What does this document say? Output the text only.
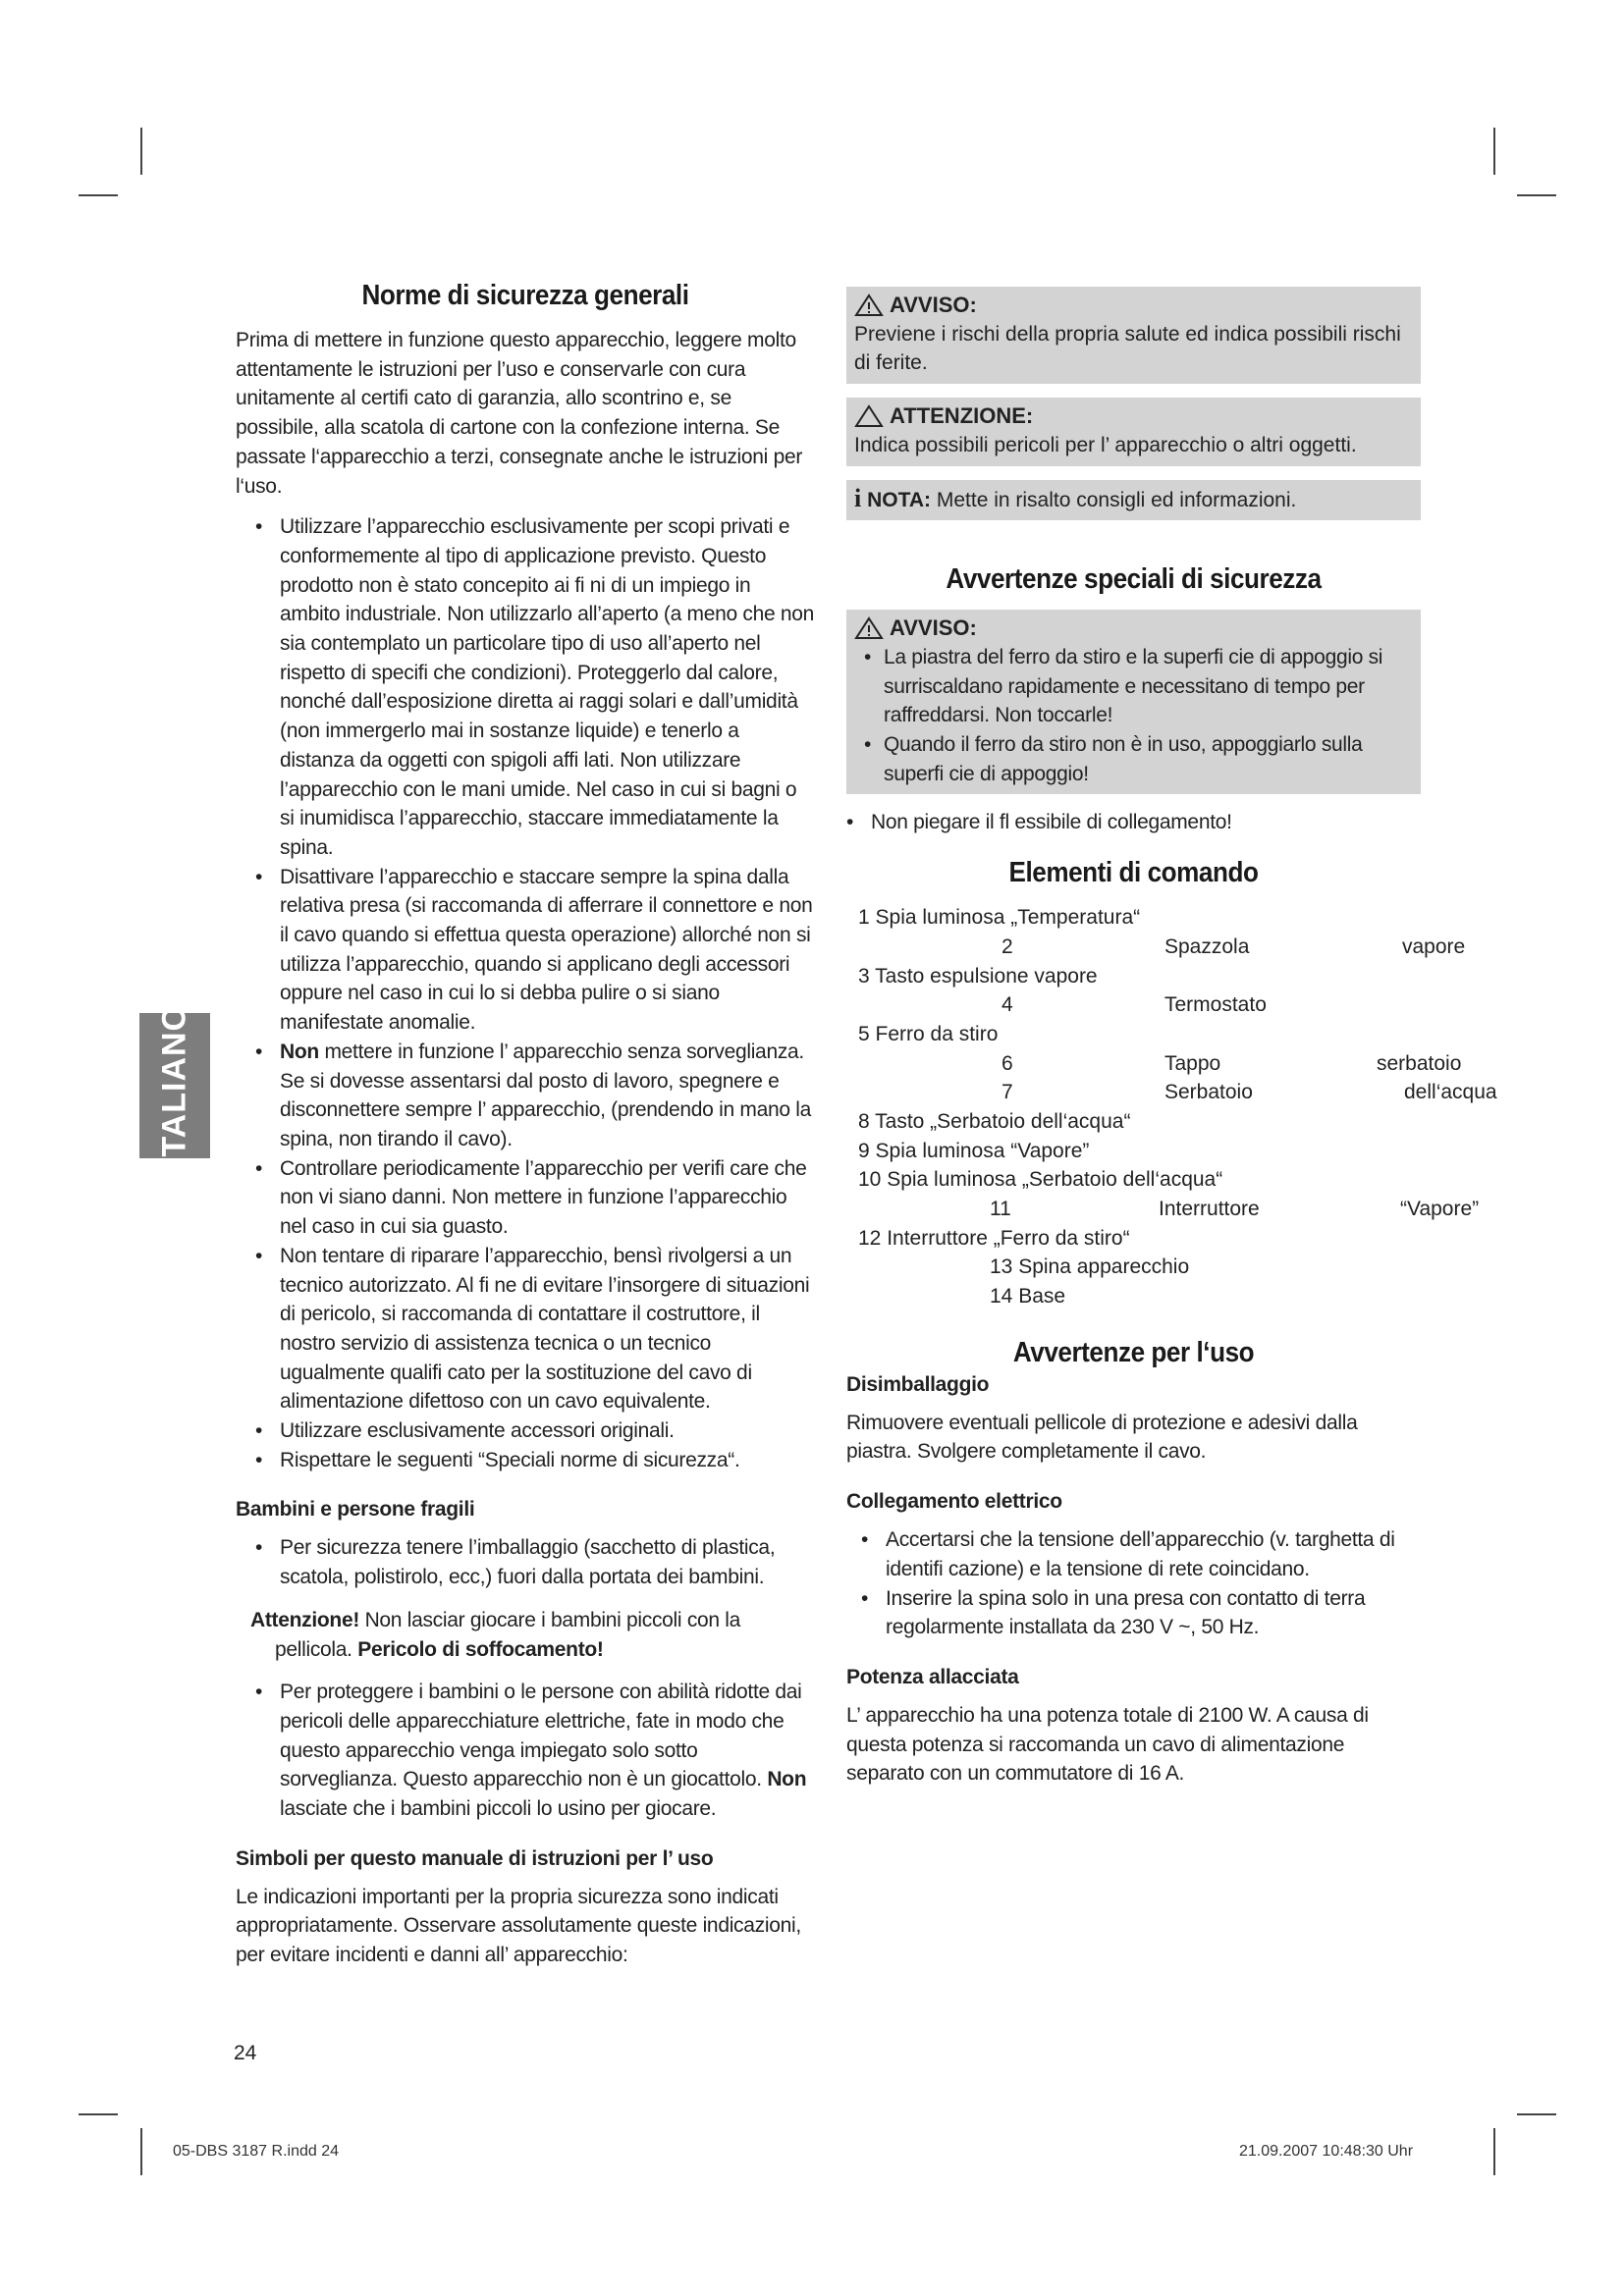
ITALIANO
Norme di sicurezza generali

Prima di mettere in funzione questo apparecchio, leggere molto attentamente le istruzioni per l’uso e conservarle con cura unitamente al certifi cato di garanzia, allo scontrino e, se possibile, alla scatola di cartone con la confezione interna. Se passate l‘apparecchio a terzi, consegnate anche le istruzioni per l‘uso.

• Utilizzare l’apparecchio esclusivamente per scopi privati e conformemente al tipo di applicazione previsto. Questo prodotto non è stato concepito ai fi ni di un impiego in ambito industriale. Non utilizzarlo all’aperto (a meno che non sia contemplato un particolare tipo di uso all’aperto nel rispetto di specifi che condizioni). Proteggerlo dal calore, nonché dall’esposizione diretta ai raggi solari e dall’umidità (non immergerlo mai in sostanze liquide) e tenerlo a distanza da oggetti con spigoli affi lati. Non utilizzare l’apparecchio con le mani umide. Nel caso in cui si bagni o si inumidisca l’apparecchio, staccare immediatamente la spina.
• Disattivare l’apparecchio e staccare sempre la spina dalla relativa presa (si raccomanda di afferrare il connettore e non il cavo quando si effettua questa operazione) allorché non si utilizza l’apparecchio, quando si applicano degli accessori oppure nel caso in cui lo si debba pulire o si siano manifestate anomalie.
• Non mettere in funzione l’ apparecchio senza sorveglianza. Se si dovesse assentarsi dal posto di lavoro, spegnere e disconnettere sempre l’ apparecchio, (prendendo in mano la spina, non tirando il cavo).
• Controllare periodicamente l’apparecchio per verifi care che non vi siano danni. Non mettere in funzione l’apparecchio nel caso in cui sia guasto.
• Non tentare di riparare l’apparecchio, bensì rivolgersi a un tecnico autorizzato. Al fi ne di evitare l’insorgere di situazioni di pericolo, si raccomanda di contattare il costruttore, il nostro servizio di assistenza tecnica o un tecnico ugualmente qualifi cato per la sostituzione del cavo di alimentazione difettoso con un cavo equivalente.
• Utilizzare esclusivamente accessori originali.
• Rispettare le seguenti “Speciali norme di sicurezza“.
Bambini e persone fragili
• Per sicurezza tenere l’imballaggio (sacchetto di plastica, scatola, polistirolo, ecc,) fuori dalla portata dei bambini.

Attenzione! Non lasciar giocare i bambini piccoli con la pellicola. Pericolo di soffocamento!

• Per proteggere i bambini o le persone con abilità ridotte dai pericoli delle apparecchiature elettriche, fate in modo che questo apparecchio venga impiegato solo sotto sorveglianza. Questo apparecchio non è un giocattolo. Non lasciate che i bambini piccoli lo usino per giocare.
Simboli per questo manuale di istruzioni per l’ uso

Le indicazioni importanti per la propria sicurezza sono indicati appropriatamente. Osservare assolutamente queste indicazioni, per evitare incidenti e danni all’ apparecchio:

AVVISO:
Previene i rischi della propria salute ed indica possibili rischi di ferite.
ATTENZIONE:
Indica possibili pericoli per l’ apparecchio o altri oggetti.
i NOTA: Mette in risalto consigli ed informazioni.
Avvertenze speciali di sicurezza
AVVISO:
• La piastra del ferro da stiro e la superfi cie di appoggio si surriscaldano rapidamente e necessitano di tempo per raffreddarsi. Non toccarle!
• Quando il ferro da stiro non è in uso, appoggiarlo sulla superfi cie di appoggio!
• Non piegare il fl essibile di collegamento!
Elementi di comando
1 Spia luminosa „Temperatura“
2	Spazzola	vapore
3 Tasto espulsione vapore
4	Termostato
5 Ferro da stiro
6	Tappo	serbatoio
7	Serbatoio	dell‘acqua
8 Tasto „Serbatoio dell‘acqua“
9 Spia luminosa “Vapore”
10 Spia luminosa „Serbatoio dell‘acqua“
11	Interruttore	“Vapore”
12 Interruttore „Ferro da stiro“
13 Spina apparecchio
14 Base
Avvertenze per l‘uso
Disimballaggio

Rimuovere eventuali pellicole di protezione e adesivi dalla piastra. Svolgere completamente il cavo.

Collegamento elettrico
• Accertarsi che la tensione dell’apparecchio (v. targhetta di identifi cazione) e la tensione di rete coincidano.
• Inserire la spina solo in una presa con contatto di terra regolarmente installata da 230 V ~, 50 Hz.
Potenza allacciata

L’ apparecchio ha una potenza totale di 2100 W. A causa di questa potenza si raccomanda un cavo di alimentazione separato con un commutatore di 16 A.

24
05-DBS 3187 R.indd 24	21.09.2007 10:48:30 Uhr
